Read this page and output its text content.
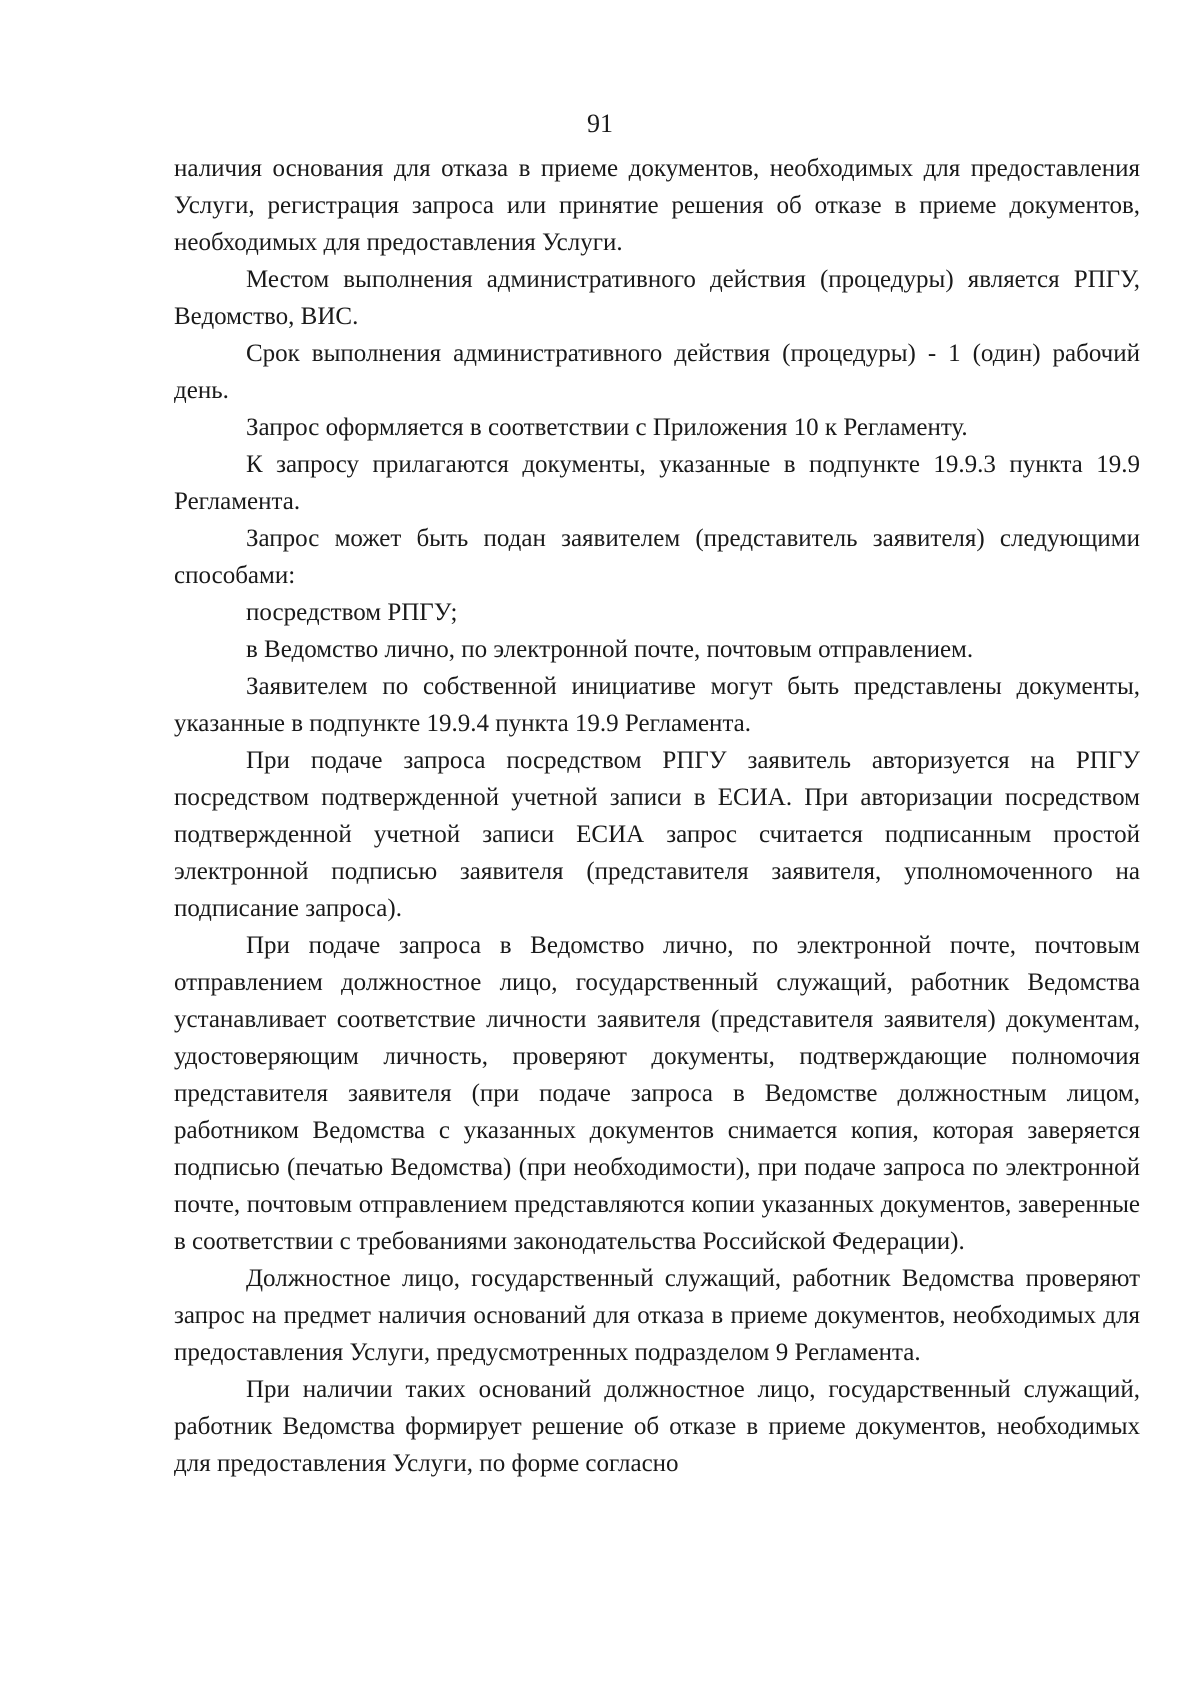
91

наличия основания для отказа в приеме документов, необходимых для предоставления Услуги, регистрация запроса или принятие решения об отказе в приеме документов, необходимых для предоставления Услуги.

Местом выполнения административного действия (процедуры) является РПГУ, Ведомство, ВИС.

Срок выполнения административного действия (процедуры) - 1 (один) рабочий день.

Запрос оформляется в соответствии с Приложения 10 к Регламенту.

К запросу прилагаются документы, указанные в подпункте 19.9.3 пункта 19.9 Регламента.

Запрос может быть подан заявителем (представитель заявителя) следующими способами:

посредством РПГУ;

в Ведомство лично, по электронной почте, почтовым отправлением.

Заявителем по собственной инициативе могут быть представлены документы, указанные в подпункте 19.9.4 пункта 19.9 Регламента.

При подаче запроса посредством РПГУ заявитель авторизуется на РПГУ посредством подтвержденной учетной записи в ЕСИА. При авторизации посредством подтвержденной учетной записи ЕСИА запрос считается подписанным простой электронной подписью заявителя (представителя заявителя, уполномоченного на подписание запроса).

При подаче запроса в Ведомство лично, по электронной почте, почтовым отправлением должностное лицо, государственный служащий, работник Ведомства устанавливает соответствие личности заявителя (представителя заявителя) документам, удостоверяющим личность, проверяют документы, подтверждающие полномочия представителя заявителя (при подаче запроса в Ведомстве должностным лицом, работником Ведомства с указанных документов снимается копия, которая заверяется подписью (печатью Ведомства) (при необходимости), при подаче запроса по электронной почте, почтовым отправлением представляются копии указанных документов, заверенные в соответствии с требованиями законодательства Российской Федерации).

Должностное лицо, государственный служащий, работник Ведомства проверяют запрос на предмет наличия оснований для отказа в приеме документов, необходимых для предоставления Услуги, предусмотренных подразделом 9 Регламента.

При наличии таких оснований должностное лицо, государственный служащий, работник Ведомства формирует решение об отказе в приеме документов, необходимых для предоставления Услуги, по форме согласно
